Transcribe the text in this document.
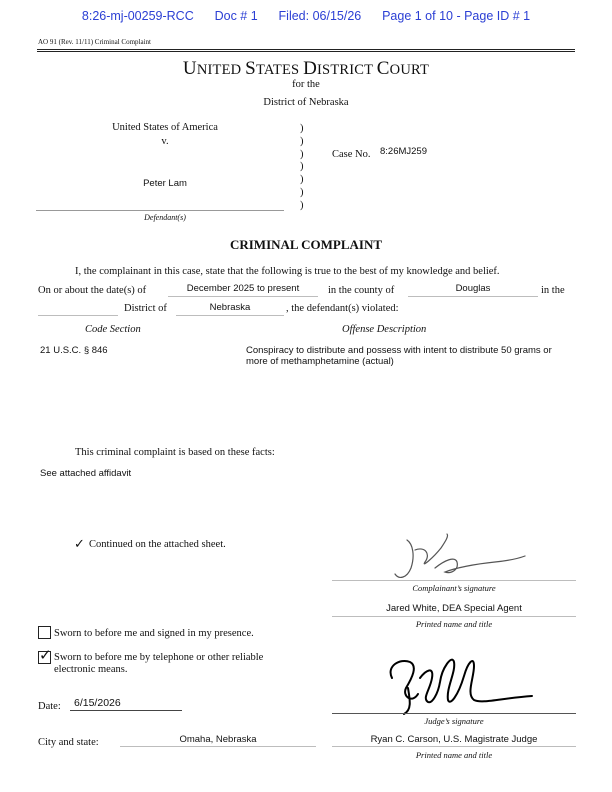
8:26-mj-00259-RCC Doc # 1 Filed: 06/15/26 Page 1 of 10 - Page ID # 1
AO 91 (Rev. 11/11) Criminal Complaint
UNITED STATES DISTRICT COURT
for the
District of Nebraska
United States of America
v.
Peter Lam
Defendant(s)
)
)
)
)
)
)
)
Case No. 8:26MJ259
CRIMINAL COMPLAINT
I, the complainant in this case, state that the following is true to the best of my knowledge and belief.
On or about the date(s) of	December 2025 to present	in the county of	Douglas	in the
District of	Nebraska	, the defendant(s) violated:
Code Section	Offense Description
21 U.S.C. § 846	Conspiracy to distribute and possess with intent to distribute 50 grams or
more of methamphetamine (actual)
This criminal complaint is based on these facts:
See attached affidavit
✓ Continued on the attached sheet.
Complainant’s signature
Jared White, DEA Special Agent
Printed name and title
Sworn to before me and signed in my presence.
✓ Sworn to before me by telephone or other reliable
electronic means.
Judge’s signature
Date: 6/15/2026
City and state:	Omaha, Nebraska	Ryan C. Carson, U.S. Magistrate Judge
Printed name and title
